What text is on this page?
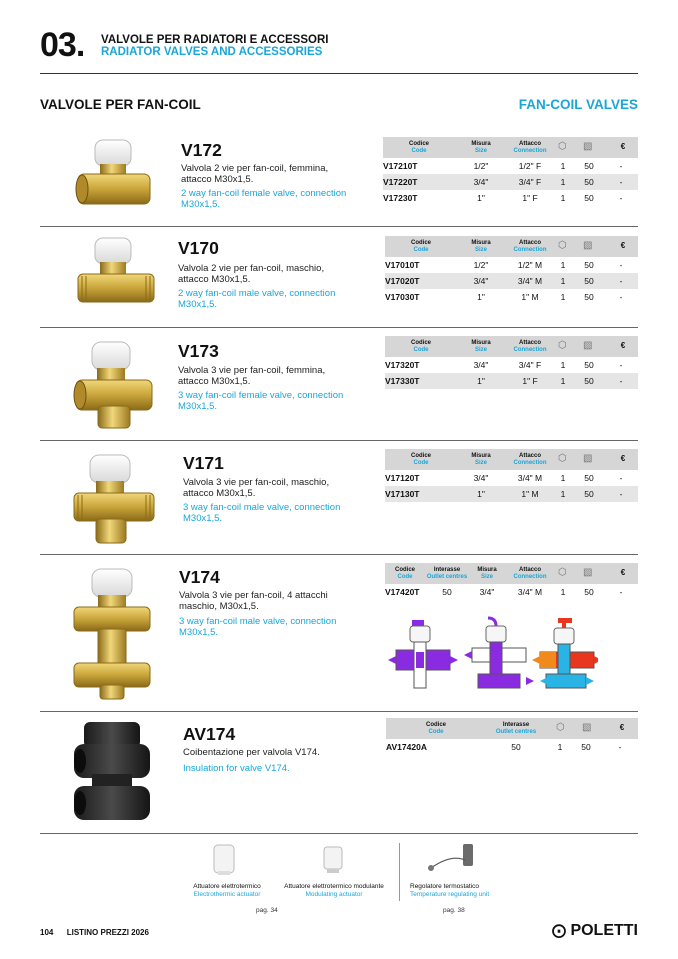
03. VALVOLE PER RADIATORI E ACCESSORI
RADIATOR VALVES AND ACCESSORIES
VALVOLE PER FAN-COIL	FAN-COIL VALVES
V172
Valvola 2 vie per fan-coil, femmina, attacco M30x1,5.
2 way fan-coil female valve, connection M30x1,5.
Codice
Code
Misura
Size
Attacco
Connection	⬡ ▧	€
V17210T	1/2"	1/2" F	1	50	-
V17220T	3/4"	3/4" F	1	50	-
V17230T	1"	1" F	1	50	-
V170
Valvola 2 vie per fan-coil, maschio, attacco M30x1,5.
2 way fan-coil male valve, connection M30x1,5.
Codice
Code
Misura
Size
Attacco
Connection	⬡ ▧	€
V17010T	1/2"	1/2" M	1	50	-
V17020T	3/4"	3/4" M	1	50	-
V17030T	1"	1" M	1	50	-
V173
Valvola 3 vie per fan-coil, femmina, attacco M30x1,5.
3 way fan-coil female valve, connection M30x1,5.
Codice
Code
Misura
Size
Attacco
Connection	⬡ ▧	€
V17320T	3/4"	3/4" F	1	50	-
V17330T	1"	1" F	1	50	-
V171
Valvola 3 vie per fan-coil, maschio, attacco M30x1,5.
3 way fan-coil male valve, connection M30x1,5.
Codice
Code
Misura
Size
Attacco
Connection	⬡ ▧	€
V17120T	3/4"	3/4" M	1	50	-
V17130T	1"	1" M	1	50	-
V174
Valvola 3 vie per fan-coil, 4 attacchi maschio, M30x1,5.
3 way fan-coil male valve, connection M30x1,5.
Codice
Code
Interasse
Outlet centres
Misura
Size
Attacco
Connection	⬡ ▧	€
V17420T	50	3/4"	3/4" M	1	50	-
AV174
Coibentazione per valvola V174.
Insulation for valve V174.
Codice
Code
Interasse
Outlet centres	⬡ ▧	€
AV17420A	50	1	50	-
Attuatore elettrotermico
Electrothermic actuator
Attuatore elettrotermico modulante
Modulating actuator
pag. 34
Regolatore termostatico
Temperature regulating unit
pag. 38
104 LISTINO PREZZI 2026	⨀ POLETTI
